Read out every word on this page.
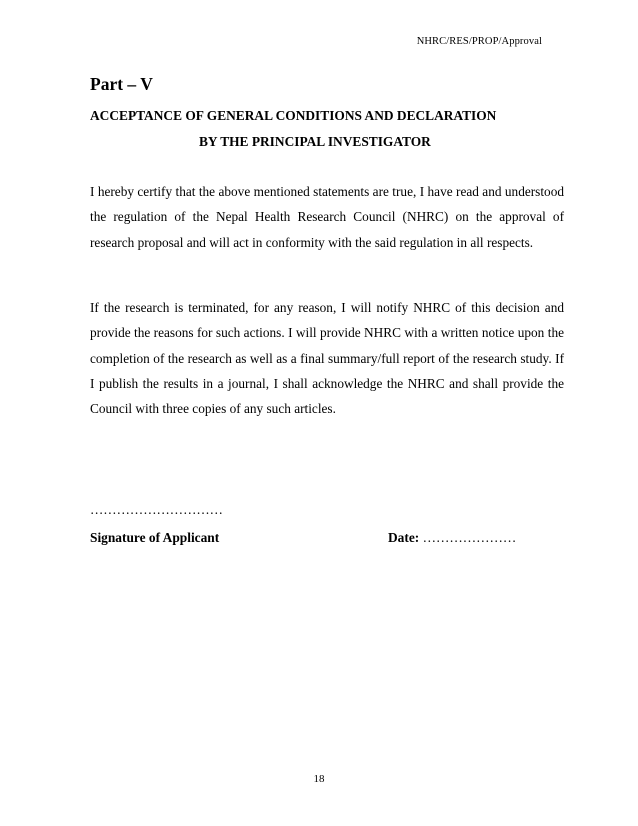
NHRC/RES/PROP/Approval
Part – V
ACCEPTANCE OF GENERAL CONDITIONS AND DECLARATION
BY THE PRINCIPAL INVESTIGATOR

I hereby certify that the above mentioned statements are true, I have read and understood the regulation of the Nepal Health Research Council (NHRC) on the approval of research proposal and will act in conformity with the said regulation in all respects.

If the research is terminated, for any reason, I will notify NHRC of this decision and provide the reasons for such actions. I will provide NHRC with a written notice upon the completion of the research as well as a final summary/full report of the research study. If I publish the results in a journal, I shall acknowledge the NHRC and shall provide the Council with three copies of any such articles.

…………………………
Signature of Applicant	Date: …………………
18
